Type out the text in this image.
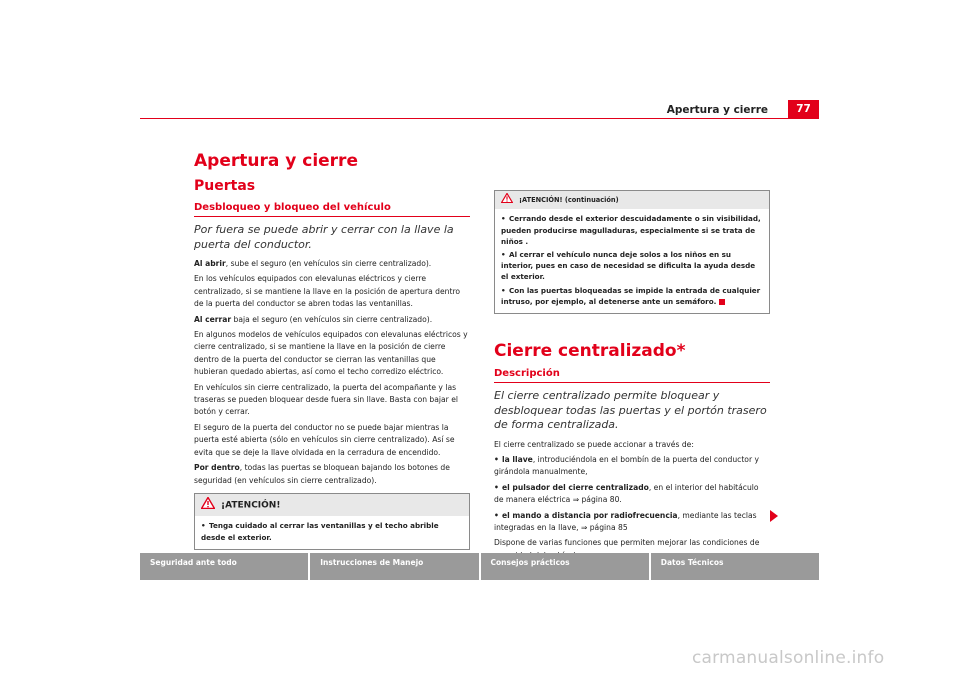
Apertura y cierre	77
Apertura y cierre
Puertas
Desbloqueo y bloqueo del vehículo
Por fuera se puede abrir y cerrar con la llave la puerta del conductor.

Al abrir, sube el seguro (en vehículos sin cierre centralizado).

En los vehículos equipados con elevalunas eléctricos y cierre centralizado, si se mantiene la llave en la posición de apertura dentro de la puerta del conductor se abren todas las ventanillas.

Al cerrar baja el seguro (en vehículos sin cierre centralizado).

En algunos modelos de vehículos equipados con elevalunas eléctricos y cierre centralizado, si se mantiene la llave en la posición de cierre dentro de la puerta del conductor se cierran las ventanillas que hubieran quedado abiertas, así como el techo corredizo eléctrico.

En vehículos sin cierre centralizado, la puerta del acompañante y las traseras se pueden bloquear desde fuera sin llave. Basta con bajar el botón y cerrar.

El seguro de la puerta del conductor no se puede bajar mientras la puerta esté abierta (sólo en vehículos sin cierre centralizado). Así se evita que se deje la llave olvidada en la cerradura de encendido.

Por dentro, todas las puertas se bloquean bajando los botones de seguridad (en vehículos sin cierre centralizado).

¡ATENCIÓN!

• Tenga cuidado al cerrar las ventanillas y el techo abrible desde el exterior.

¡ATENCIÓN! (continuación)

• Cerrando desde el exterior descuidadamente o sin visibilidad, pueden producirse magulladuras, especialmente si se trata de niños .

• Al cerrar el vehículo nunca deje solos a los niños en su interior, pues en caso de necesidad se dificulta la ayuda desde el exterior.

• Con las puertas bloqueadas se impide la entrada de cualquier intruso, por ejemplo, al detenerse ante un semáforo.

Cierre centralizado*
Descripción
El cierre centralizado permite bloquear y desbloquear todas las puertas y el portón trasero de forma centralizada.

El cierre centralizado se puede accionar a través de:

• la llave, introduciéndola en el bombín de la puerta del conductor y girándola manualmente,

• el pulsador del cierre centralizado, en el interior del habitáculo de manera eléctrica ⇒ página 80.

• el mando a distancia por radiofrecuencia, mediante las teclas integradas en la llave, ⇒ página 85

Dispone de varias funciones que permiten mejorar las condiciones de

Seguridad ante todo	Instrucciones de Manejo	Consejos prácticos	Datos Técnicos
carmanualsonline.info
